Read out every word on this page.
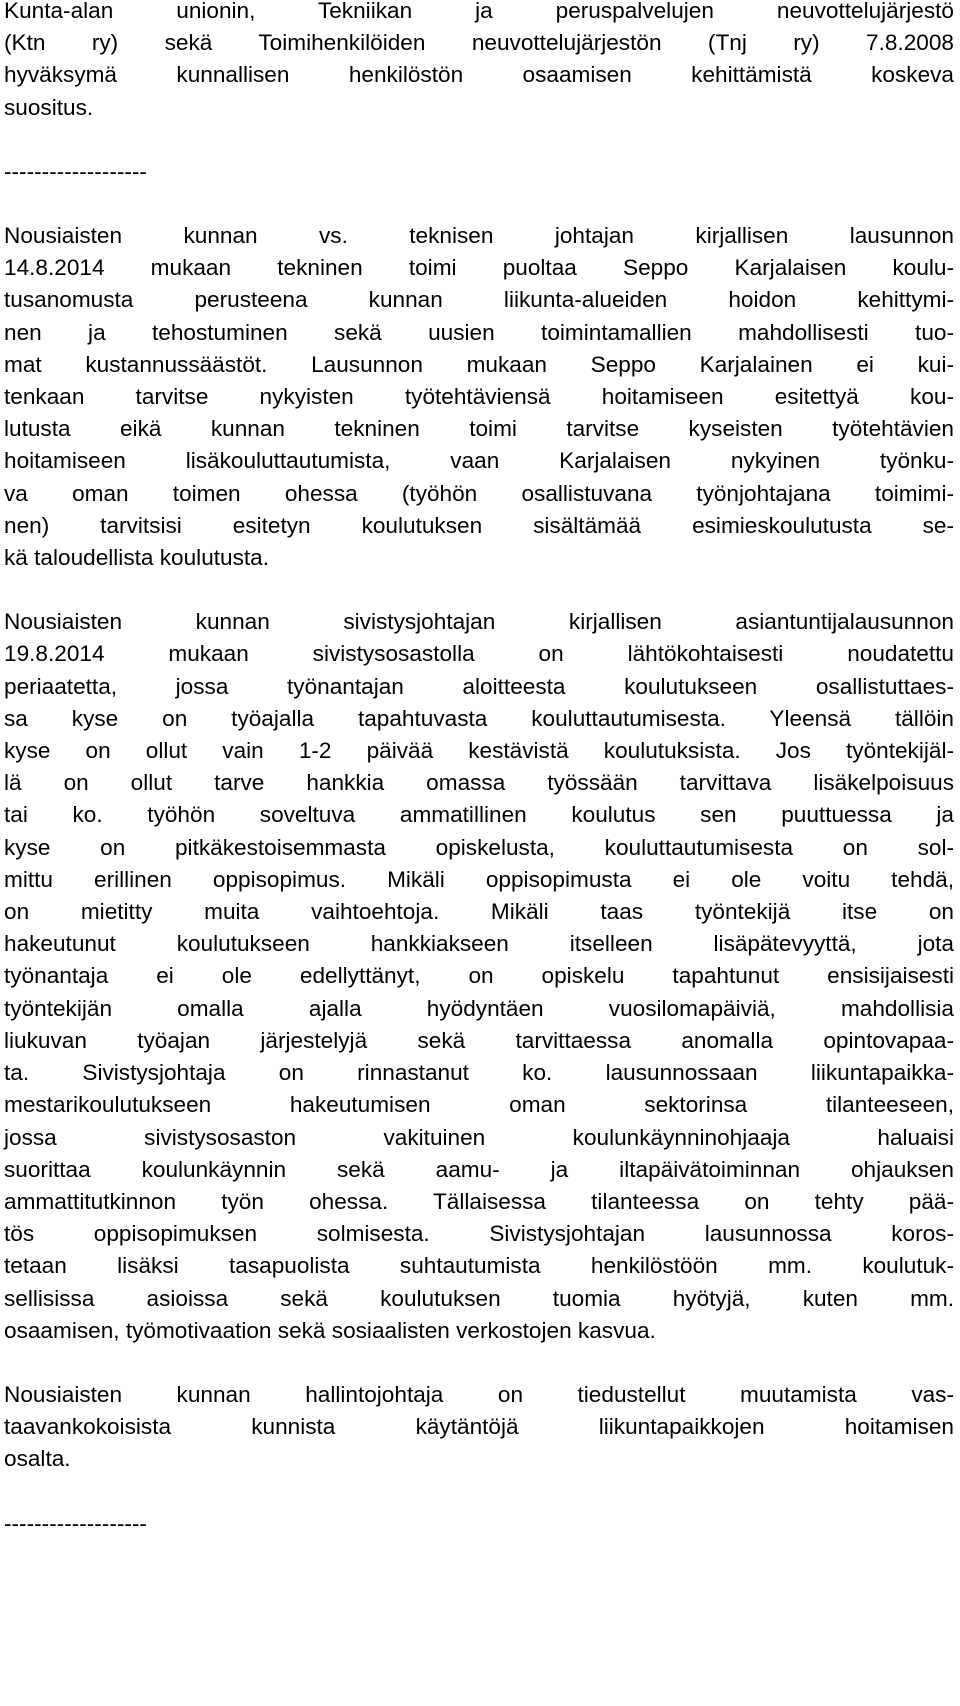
Kunta-alan unionin, Tekniikan ja peruspalvelujen neuvottelujärjestö
(Ktn ry) sekä Toimihenkilöiden neuvottelujärjestön (Tnj ry) 7.8.2008
hyväksymä kunnallisen henkilöstön osaamisen kehittämistä koskeva
suositus.
-------------------
Nousiaisten kunnan vs. teknisen johtajan kirjallisen lausunnon
14.8.2014 mukaan tekninen toimi puoltaa Seppo Karjalaisen koulu-
tusanomusta perusteena kunnan liikunta-alueiden hoidon kehittymi-
nen ja tehostuminen sekä uusien toimintamallien mahdollisesti tuo-
mat kustannussäästöt. Lausunnon mukaan Seppo Karjalainen ei kui-
tenkaan tarvitse nykyisten työtehtäviensä hoitamiseen esitettyä kou-
lutusta eikä kunnan tekninen toimi tarvitse kyseisten työtehtävien
hoitamiseen lisäkouluttautumista, vaan Karjalaisen nykyinen työnku-
va oman toimen ohessa (työhön osallistuvana työnjohtajana toimimi-
nen) tarvitsisi esitetyn koulutuksen sisältämää esimieskoulutusta se-
kä taloudellista koulutusta.
Nousiaisten kunnan sivistysjohtajan kirjallisen asiantuntijalausunnon
19.8.2014 mukaan sivistysosastolla on lähtökohtaisesti noudatettu
periaatetta, jossa työnantajan aloitteesta koulutukseen osallistuttaes-
sa kyse on työajalla tapahtuvasta kouluttautumisesta. Yleensä tällöin
kyse on ollut vain 1-2 päivää kestävistä koulutuksista. Jos työntekijäl-
lä on ollut tarve hankkia omassa työssään tarvittava lisäkelpoisuus
tai ko. työhön soveltuva ammatillinen koulutus sen puuttuessa ja
kyse on pitkäkestoisemmasta opiskelusta, kouluttautumisesta on sol-
mittu erillinen oppisopimus. Mikäli oppisopimusta ei ole voitu tehdä,
on mietitty muita vaihtoehtoja. Mikäli taas työntekijä itse on
hakeutunut koulutukseen hankkiakseen itselleen lisäpätevyyttä, jota
työnantaja ei ole edellyttänyt, on opiskelu tapahtunut ensisijaisesti
työntekijän omalla ajalla hyödyntäen vuosilomapäiviä, mahdollisia
liukuvan työajan järjestelyjä sekä tarvittaessa anomalla opintovapaa-
ta. Sivistysjohtaja on rinnastanut ko. lausunnossaan liikuntapaikka-
mestarikoulutukseen hakeutumisen oman sektorinsa tilanteeseen,
jossa sivistysosaston vakituinen koulunkäynninohjaaja haluaisi
suorittaa koulunkäynnin sekä aamu- ja iltapäivätoiminnan ohjauksen
ammattitutkinnon työn ohessa. Tällaisessa tilanteessa on tehty pää-
tös oppisopimuksen solmisesta. Sivistysjohtajan lausunnossa koros-
tetaan lisäksi tasapuolista suhtautumista henkilöstöön mm. koulutuk-
sellisissa asioissa sekä koulutuksen tuomia hyötyjä, kuten mm.
osaamisen, työmotivaation sekä sosiaalisten verkostojen kasvua.
Nousiaisten kunnan hallintojohtaja on tiedustellut muutamista vas-
taavankokoisista kunnista käytäntöjä liikuntapaikkojen hoitamisen
osalta.
-------------------
